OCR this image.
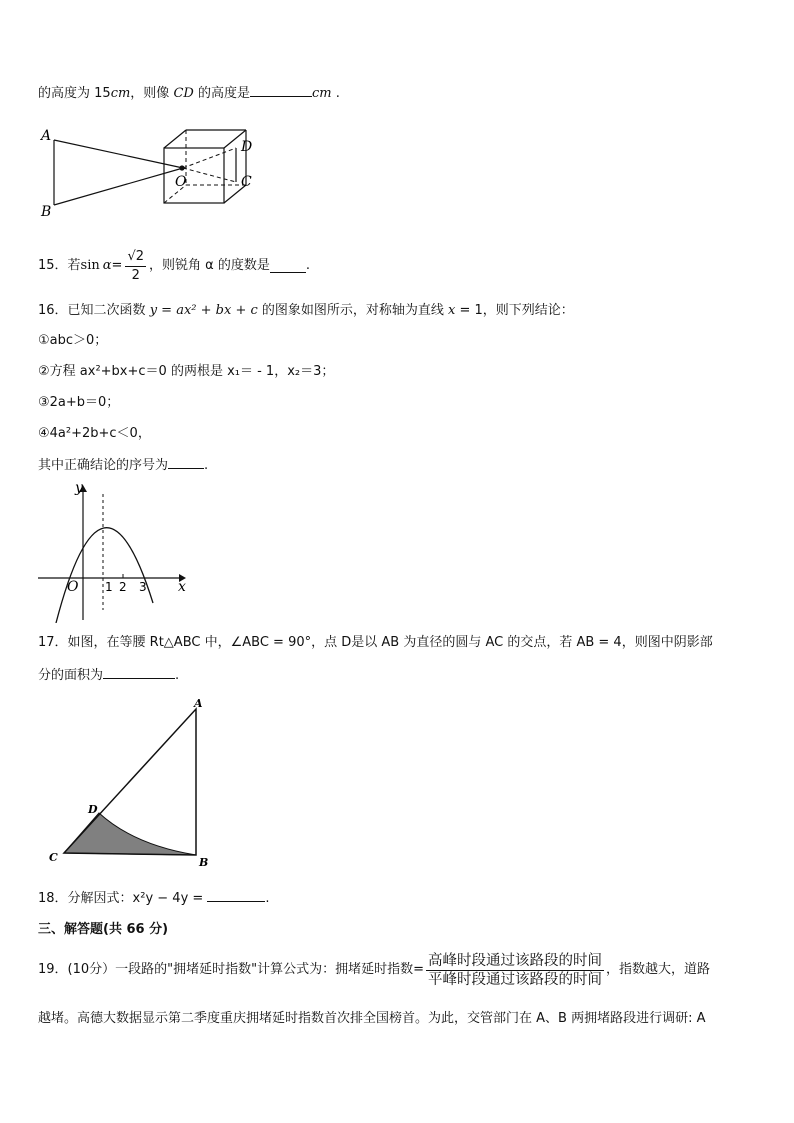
的高度为 15cm，则像 CD 的高度是	cm .
A
B
O
D
C
15．若 $\sin \alpha = \frac{√2}{2}$ ，则锐角 α 的度数是	.
16．已知二次函数 y = ax² + bx + c 的图象如图所示，对称轴为直线 x = 1，则下列结论：
①abc＞0；
②方程 ax²+bx+c＝0 的两根是 x₁＝ - 1，x₂＝3；
③2a+b＝0；
④4a²+2b+c＜0，
其中正确结论的序号为	.
y
x
O 1 2 3
17．如图，在等腰 Rt△ABC 中，∠ABC = 90°，点 D是以 AB 为直径的圆与 AC 的交点，若 AB = 4，则图中阴影部
分的面积为	.
A
B
C
D
18．分解因式：x²y − 4y =	.
三、解答题(共 66 分)
19．(10分）一段路的"拥堵延时指数"计算公式为：拥堵延时指数= $\frac{\text{高峰时段通过该路段的时间}}{\text{平峰时段通过该路段的时间}}$ ，指数越大，道路
越堵。高德大数据显示第二季度重庆拥堵延时指数首次排全国榜首。为此，交管部门在 A、B 两拥堵路段进行调研: A
